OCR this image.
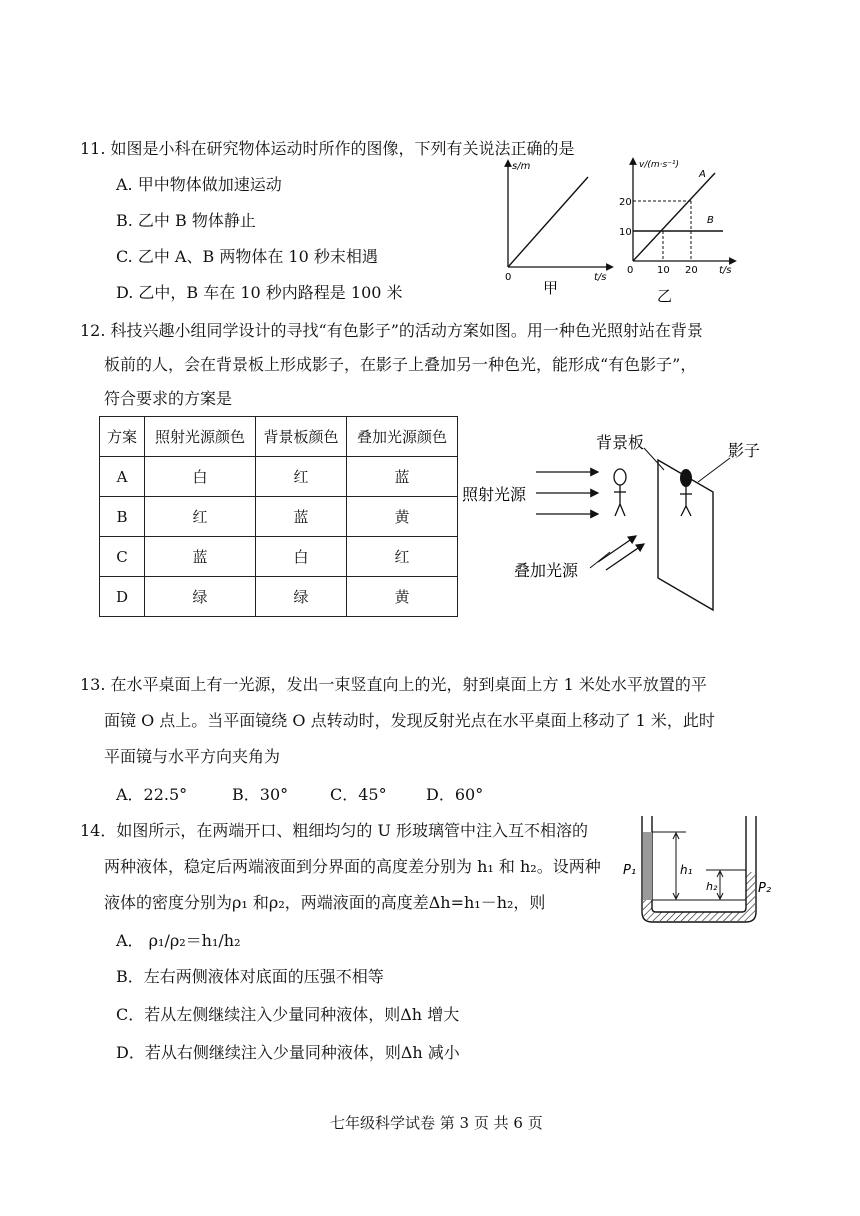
11. 如图是小科在研究物体运动时所作的图像，下列有关说法正确的是
A. 甲中物体做加速运动
B. 乙中 B 物体静止
C. 乙中 A、B 两物体在 10 秒末相遇
D. 乙中，B 车在 10 秒内路程是 100 米
s/m
t/s
0
甲
v/(m·s⁻¹)
t/s
0
20
10
10 20
A
B
乙
12. 科技兴趣小组同学设计的寻找“有色影子”的活动方案如图。用一种色光照射站在背景
板前的人，会在背景板上形成影子，在影子上叠加另一种色光，能形成“有色影子”，
符合要求的方案是
方案	照射光源颜色	背景板颜色	叠加光源颜色
A	白	红	蓝
B	红	蓝	黄
C	蓝	白	红
D	绿	绿	黄
背景板	影子
照射光源
叠加光源
13. 在水平桌面上有一光源，发出一束竖直向上的光，射到桌面上方 1 米处水平放置的平
面镜 O 点上。当平面镜绕 O 点转动时，发现反射光点在水平桌面上移动了 1 米，此时
平面镜与水平方向夹角为
A．22.5°	B．30°	C．45° D．60°
14．如图所示，在两端开口、粗细均匀的 U 形玻璃管中注入互不相溶的
两种液体，稳定后两端液面到分界面的高度差分别为 h₁ 和 h₂。设两种
液体的密度分别为ρ₁ 和ρ₂，两端液面的高度差Δh=h₁－h₂，则
A． ρ₁/ρ₂＝h₁/h₂
B．左右两侧液体对底面的压强不相等
C．若从左侧继续注入少量同种液体，则Δh 增大
D．若从右侧继续注入少量同种液体，则Δh 减小
h₁
h₂
P₁
P₂
七年级科学试卷 第 3 页 共 6 页
